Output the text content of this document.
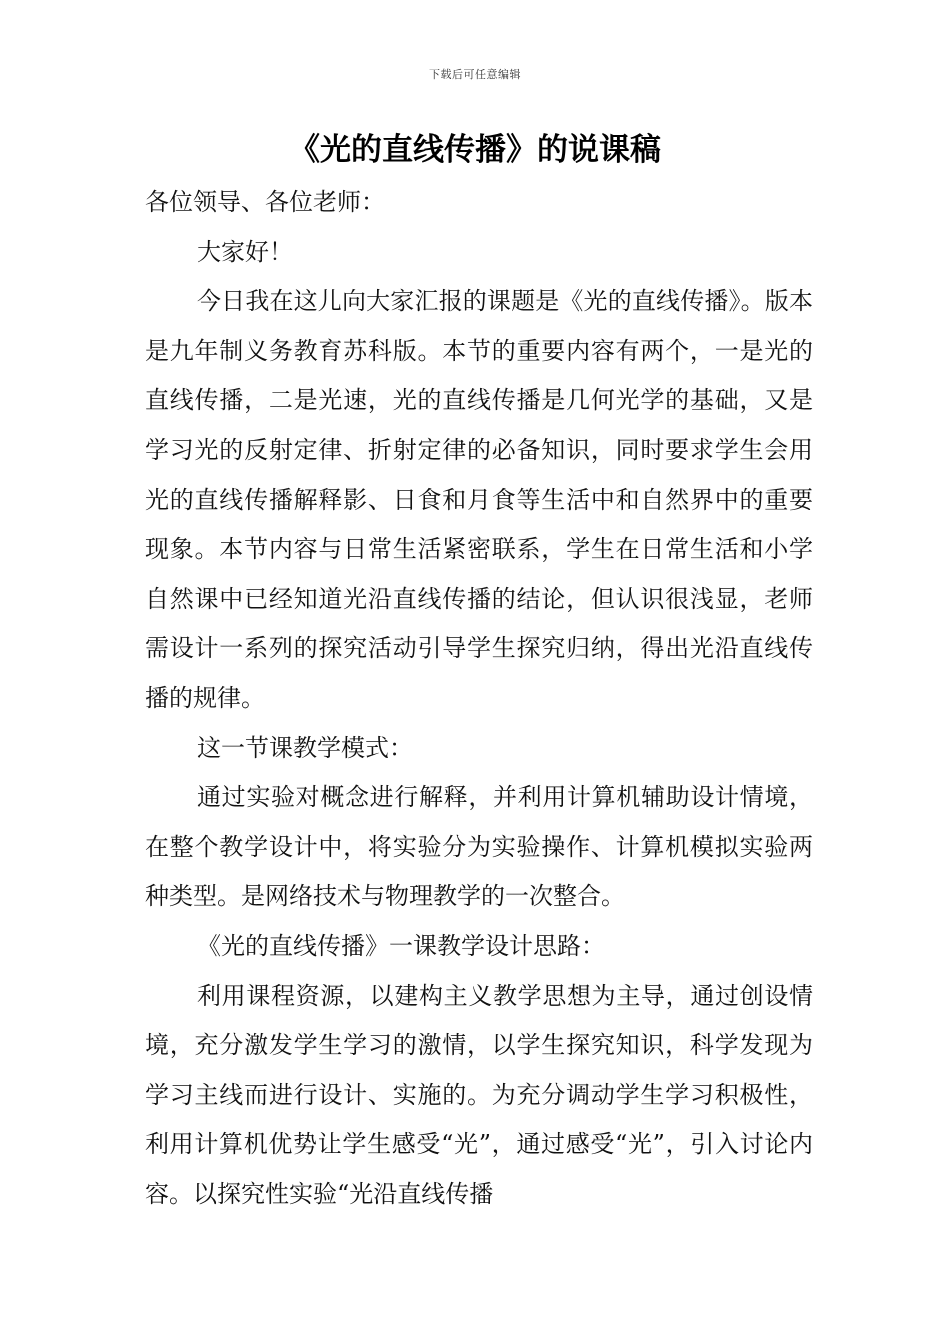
下载后可任意编辑
《光的直线传播》的说课稿

各位领导、各位老师：

大家好！

今日我在这儿向大家汇报的课题是《光的直线传播》。版本是九年制义务教育苏科版。本节的重要内容有两个，一是光的直线传播，二是光速，光的直线传播是几何光学的基础，又是学习光的反射定律、折射定律的必备知识，同时要求学生会用光的直线传播解释影、日食和月食等生活中和自然界中的重要现象。本节内容与日常生活紧密联系，学生在日常生活和小学自然课中已经知道光沿直线传播的结论，但认识很浅显，老师需设计一系列的探究活动引导学生探究归纳，得出光沿直线传播的规律。

这一节课教学模式：

通过实验对概念进行解释，并利用计算机辅助设计情境，在整个教学设计中，将实验分为实验操作、计算机模拟实验两种类型。是网络技术与物理教学的一次整合。

《光的直线传播》一课教学设计思路：

利用课程资源，以建构主义教学思想为主导，通过创设情境，充分激发学生学习的激情，以学生探究知识，科学发现为学习主线而进行设计、实施的。为充分调动学生学习积极性，利用计算机优势让学生感受“光”，通过感受“光”，引入讨论内容。以探究性实验“光沿直线传播
